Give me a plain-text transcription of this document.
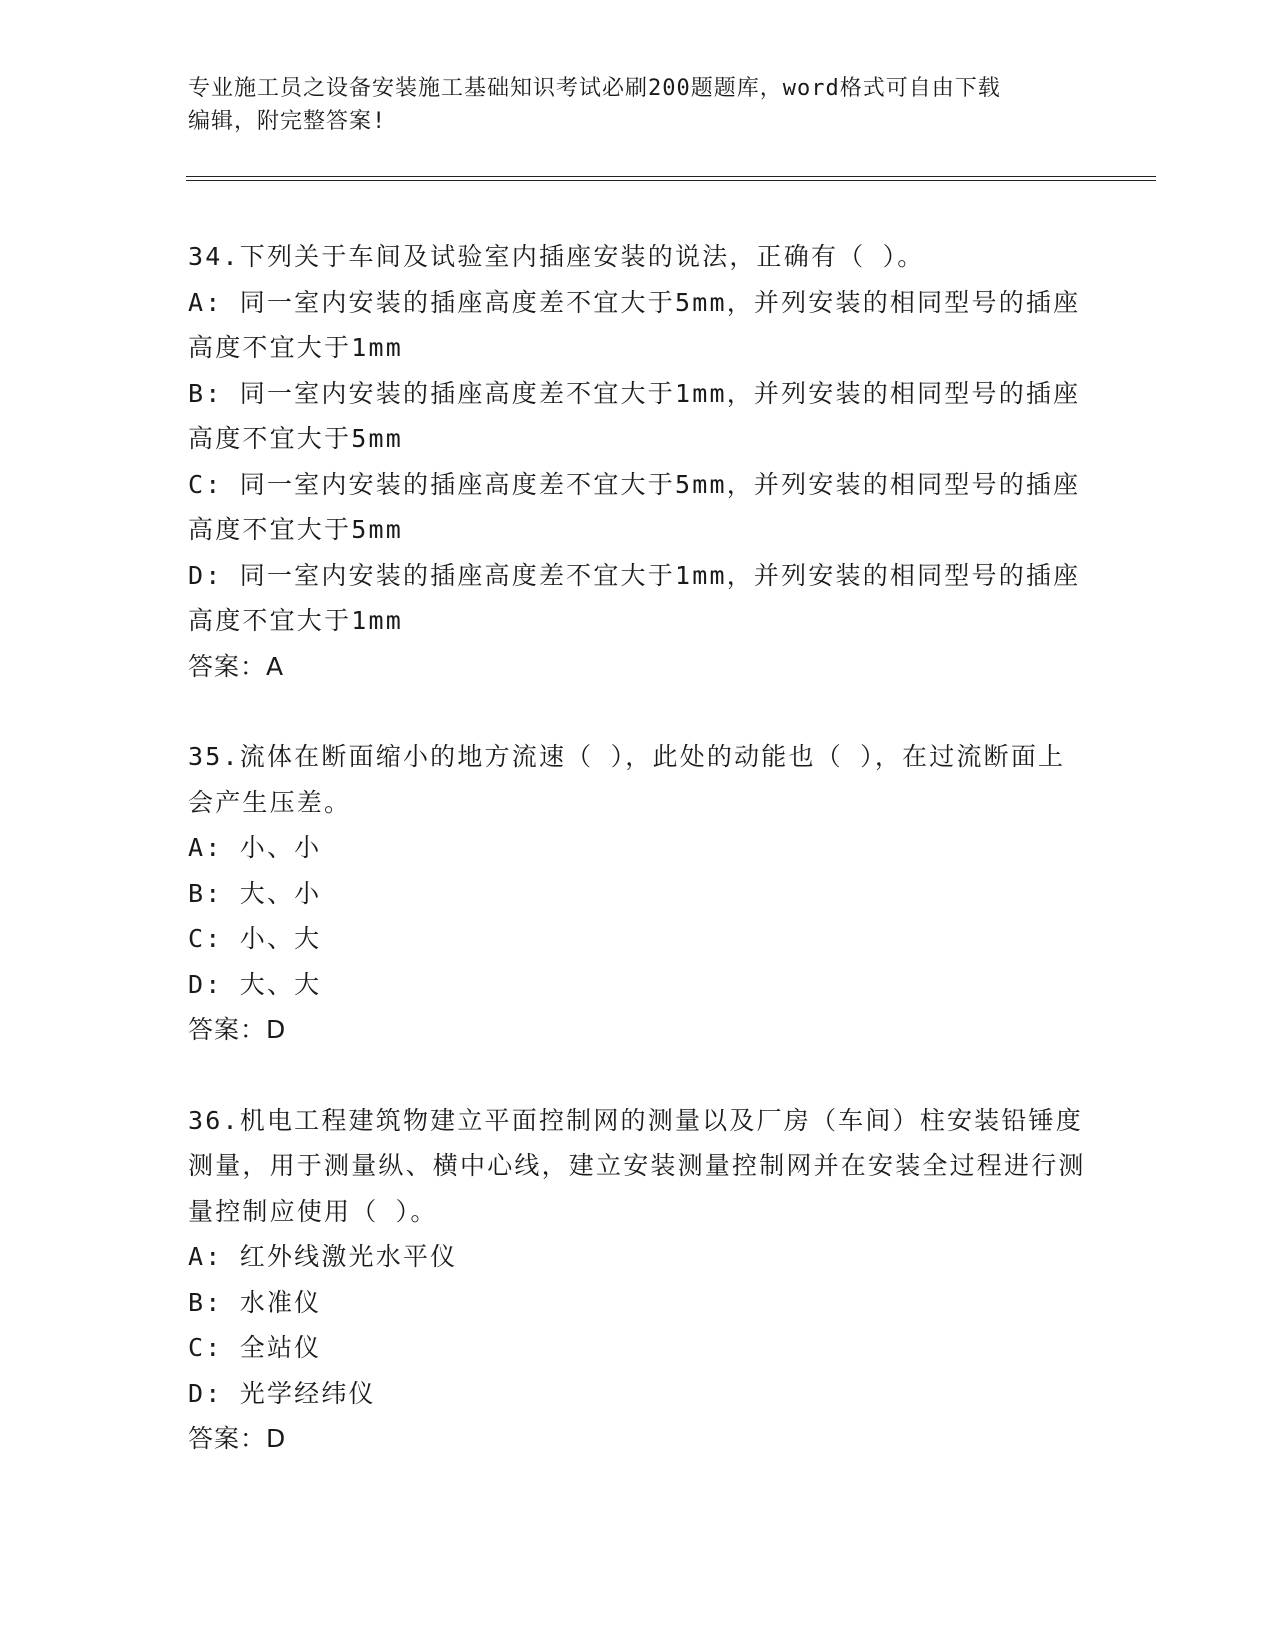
专业施工员之设备安装施工基础知识考试必刷200题题库，word格式可自由下载
编辑，附完整答案!

34.下列关于车间及试验室内插座安装的说法，正确有（ ）。

A: 同一室内安装的插座高度差不宜大于5mm，并列安装的相同型号的插座高度不宜大于1mm

B: 同一室内安装的插座高度差不宜大于1mm，并列安装的相同型号的插座高度不宜大于5mm

C: 同一室内安装的插座高度差不宜大于5mm，并列安装的相同型号的插座高度不宜大于5mm

D: 同一室内安装的插座高度差不宜大于1mm，并列安装的相同型号的插座高度不宜大于1mm

答案：A

35.流体在断面缩小的地方流速（ ），此处的动能也（ ），在过流断面上会产生压差。

A: 小、小

B: 大、小

C: 小、大

D: 大、大

答案：D

36.机电工程建筑物建立平面控制网的测量以及厂房（车间）柱安装铅锤度测量，用于测量纵、横中心线，建立安装测量控制网并在安装全过程进行测量控制应使用（ ）。

A: 红外线激光水平仪

B: 水准仪

C: 全站仪

D: 光学经纬仪

答案：D
